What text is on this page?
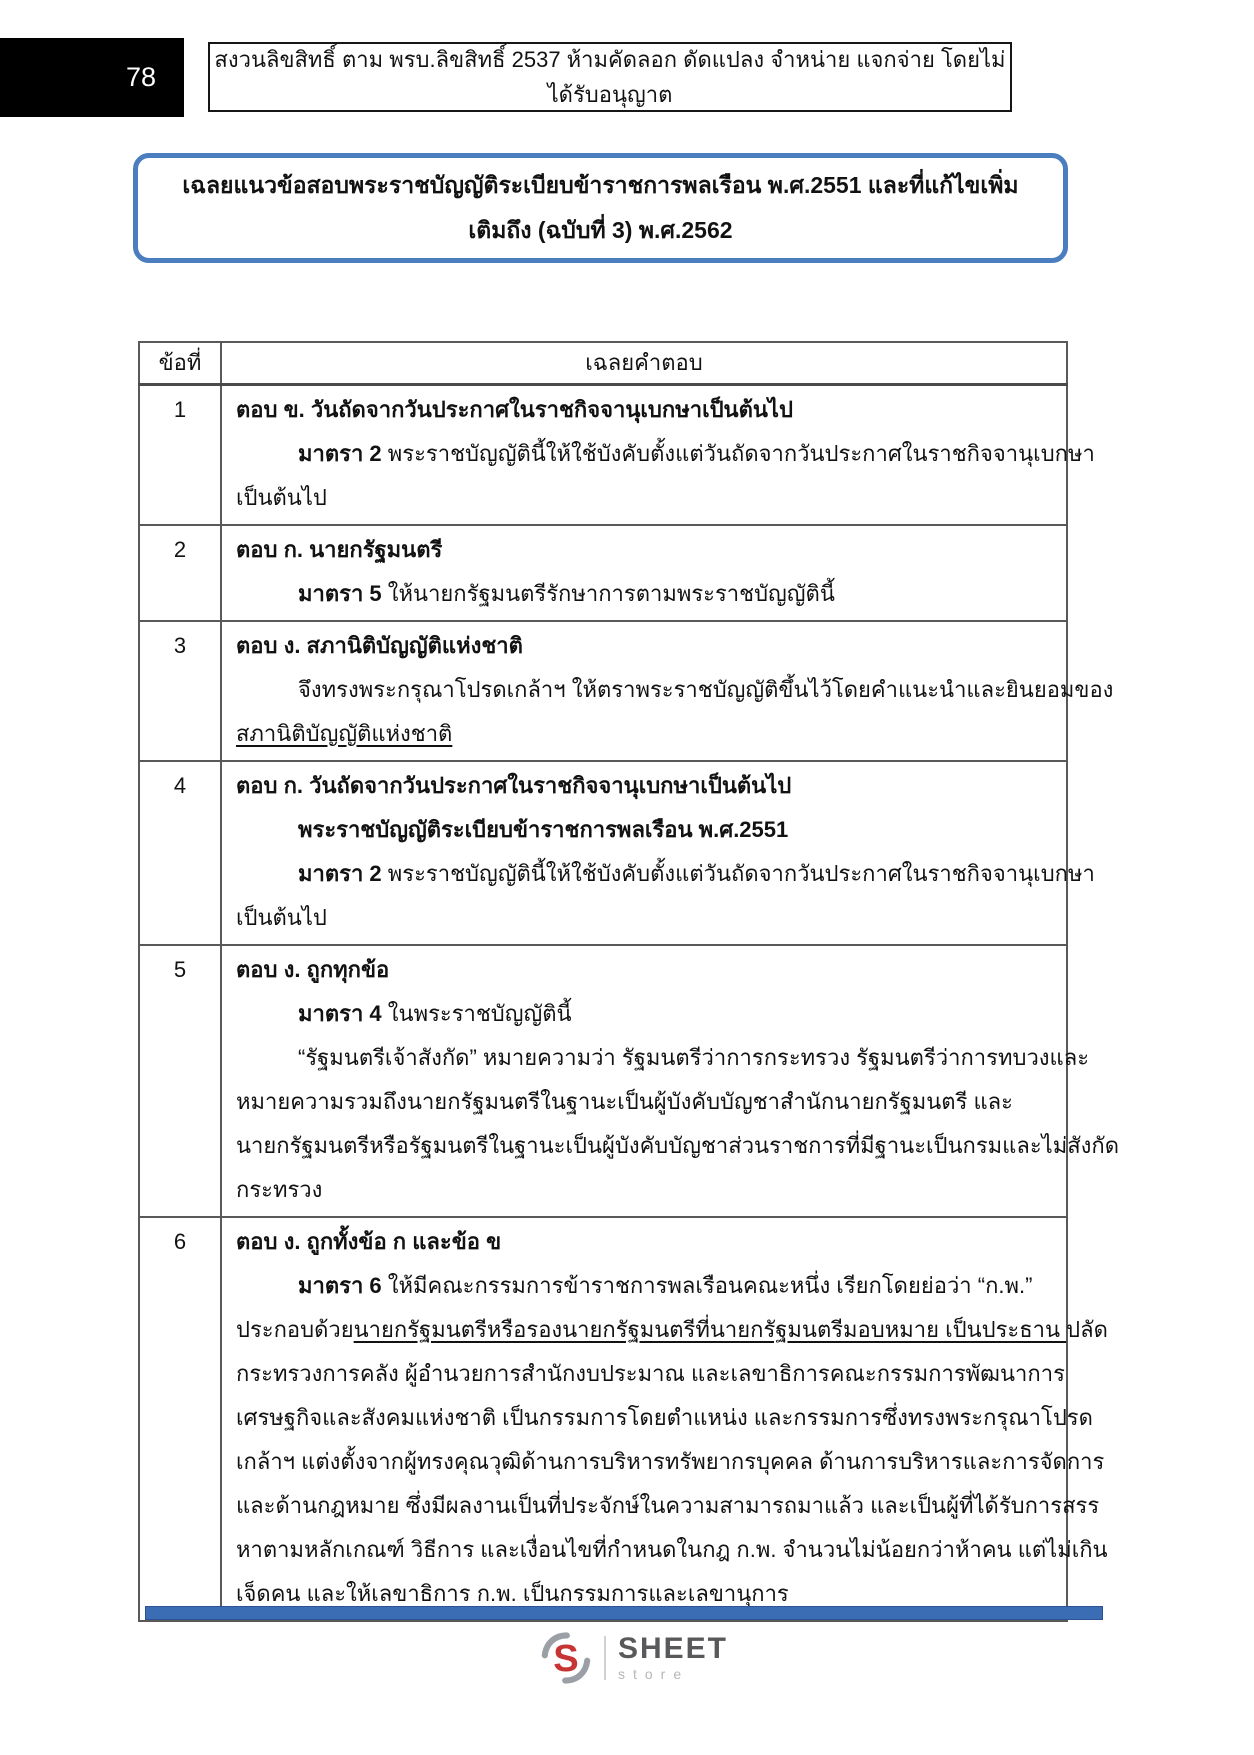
78
สงวนลิขสิทธิ์ ตาม พรบ.ลิขสิทธิ์ 2537 ห้ามคัดลอก ดัดแปลง จำหน่าย แจกจ่าย โดยไม่ได้รับอนุญาต
เฉลยแนวข้อสอบพระราชบัญญัติระเบียบข้าราชการพลเรือน พ.ศ.2551 และที่แก้ไขเพิ่มเติมถึง (ฉบับที่ 3) พ.ศ.2562
ข้อที่	เฉลยคำตอบ
1	ตอบ ข. วันถัดจากวันประกาศในราชกิจจานุเบกษาเป็นต้นไป
มาตรา 2 พระราชบัญญัตินี้ให้ใช้บังคับตั้งแต่วันถัดจากวันประกาศในราชกิจจานุเบกษา
เป็นต้นไป

2	ตอบ ก. นายกรัฐมนตรี
มาตรา 5 ให้นายกรัฐมนตรีรักษาการตามพระราชบัญญัตินี้

3	ตอบ ง. สภานิติบัญญัติแห่งชาติ
จึงทรงพระกรุณาโปรดเกล้าฯ ให้ตราพระราชบัญญัติขึ้นไว้โดยคำแนะนำและยินยอมของ
สภานิติบัญญัติแห่งชาติ

4	ตอบ ก. วันถัดจากวันประกาศในราชกิจจานุเบกษาเป็นต้นไป
พระราชบัญญัติระเบียบข้าราชการพลเรือน พ.ศ.2551
มาตรา 2 พระราชบัญญัตินี้ให้ใช้บังคับตั้งแต่วันถัดจากวันประกาศในราชกิจจานุเบกษา
เป็นต้นไป

5	ตอบ ง. ถูกทุกข้อ
มาตรา 4 ในพระราชบัญญัตินี้
“รัฐมนตรีเจ้าสังกัด” หมายความว่า รัฐมนตรีว่าการกระทรวง รัฐมนตรีว่าการทบวงและ
หมายความรวมถึงนายกรัฐมนตรีในฐานะเป็นผู้บังคับบัญชาสำนักนายกรัฐมนตรี และ
นายกรัฐมนตรีหรือรัฐมนตรีในฐานะเป็นผู้บังคับบัญชาส่วนราชการที่มีฐานะเป็นกรมและไม่สังกัด
กระทรวง

6	ตอบ ง. ถูกทั้งข้อ ก และข้อ ข
มาตรา 6 ให้มีคณะกรรมการข้าราชการพลเรือนคณะหนึ่ง เรียกโดยย่อว่า “ก.พ.”
ประกอบด้วยนายกรัฐมนตรีหรือรองนายกรัฐมนตรีที่นายกรัฐมนตรีมอบหมาย เป็นประธาน ปลัด
กระทรวงการคลัง ผู้อำนวยการสำนักงบประมาณ และเลขาธิการคณะกรรมการพัฒนาการ
เศรษฐกิจและสังคมแห่งชาติ เป็นกรรมการโดยตำแหน่ง และกรรมการซึ่งทรงพระกรุณาโปรด
เกล้าฯ แต่งตั้งจากผู้ทรงคุณวุฒิด้านการบริหารทรัพยากรบุคคล ด้านการบริหารและการจัดการ
และด้านกฎหมาย ซึ่งมีผลงานเป็นที่ประจักษ์ในความสามารถมาแล้ว และเป็นผู้ที่ได้รับการสรร
หาตามหลักเกณฑ์ วิธีการ และเงื่อนไขที่กำหนดในกฎ ก.พ. จำนวนไม่น้อยกว่าห้าคน แต่ไม่เกิน
เจ็ดคน และให้เลขาธิการ ก.พ. เป็นกรรมการและเลขานุการ
S SHEET
store
